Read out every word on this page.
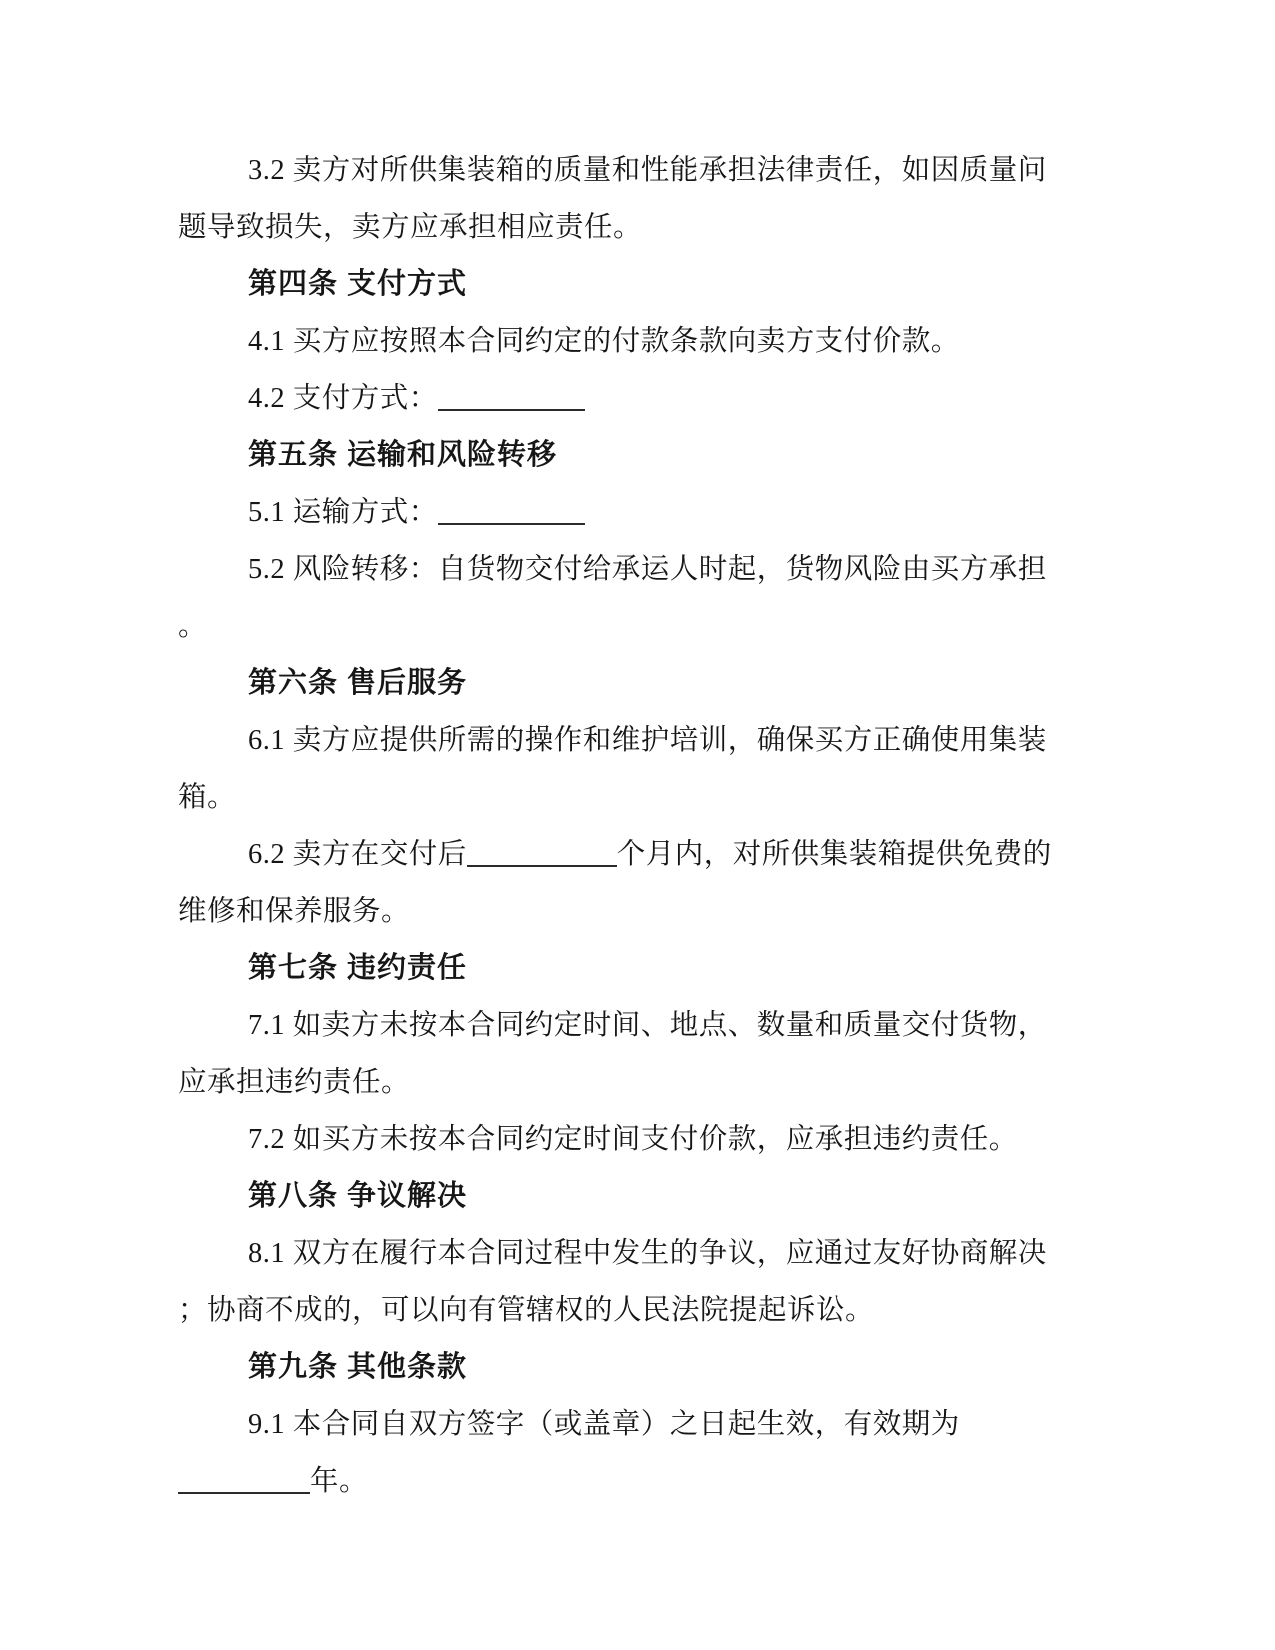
3.2 卖方对所供集装箱的质量和性能承担法律责任，如因质量问
题导致损失，卖方应承担相应责任。
第四条 支付方式
4.1 买方应按照本合同约定的付款条款向卖方支付价款。
4.2 支付方式：
第五条 运输和风险转移
5.1 运输方式：
5.2 风险转移：自货物交付给承运人时起，货物风险由买方承担
。
第六条 售后服务
6.1 卖方应提供所需的操作和维护培训，确保买方正确使用集装
箱。
6.2 卖方在交付后	个月内，对所供集装箱提供免费的
维修和保养服务。
第七条 违约责任
7.1 如卖方未按本合同约定时间、地点、数量和质量交付货物，
应承担违约责任。
7.2 如买方未按本合同约定时间支付价款，应承担违约责任。
第八条 争议解决
8.1 双方在履行本合同过程中发生的争议，应通过友好协商解决
；协商不成的，可以向有管辖权的人民法院提起诉讼。
第九条 其他条款
9.1 本合同自双方签字（或盖章）之日起生效，有效期为
年。
